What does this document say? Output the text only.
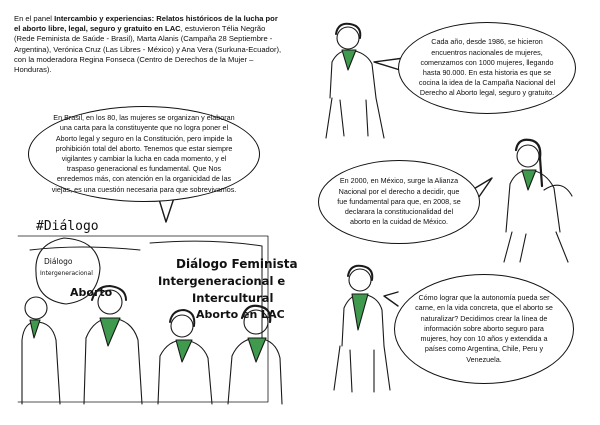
En el panel Intercambio y experiencias: Relatos históricos de la lucha por el aborto libre, legal, seguro y gratuito en LAC, estuvieron Télia Negrão (Rede Feminista de Saúde - Brasil), Marta Alanis (Campaña 28 Septiembre -Argentina), Verónica Cruz (Las Libres - México) y Ana Vera (Surkuna-Ecuador), con la moderadora Regina Fonseca (Centro de Derechos de la Mujer – Honduras).
#Diálogo
Diálogo Feminista
Intergeneracional e
Intercultural
Aborto en LAC
Diálogo
Intergeneracional
Aborto
En Brasil, en los 80, las mujeres se organizan y elaboran una carta para la constituyente que no logra poner el Aborto legal y seguro en la Constitución, pero impide la prohibición total del aborto. Tenemos que estar siempre vigilantes y cambiar la lucha en cada momento, y el traspaso generacional es fundamental. Que Nos enredemos más, con atención en la organicidad de las viejas, es una cuestión necesaria para que sobrevivamos.
Cada año, desde 1986, se hicieron encuentros nacionales de mujeres, comenzamos con 1000 mujeres, llegando hasta 90.000. En esta historia es que se cocina la idea de la Campaña Nacional del Derecho al Aborto legal, seguro y gratuito.
En 2000, en México, surge la Alianza Nacional por el derecho a decidir, que fue fundamental para que, en 2008, se declarara la constitucionalidad del aborto en la cuidad de México.
Cómo lograr que la autonomía pueda ser carne, en la vida concreta, que el aborto se naturalizar? Decidimos crear la línea de información sobre aborto seguro para mujeres, hoy con 10 años y extendida a países como Argentina, Chile, Peru y Venezuela.
